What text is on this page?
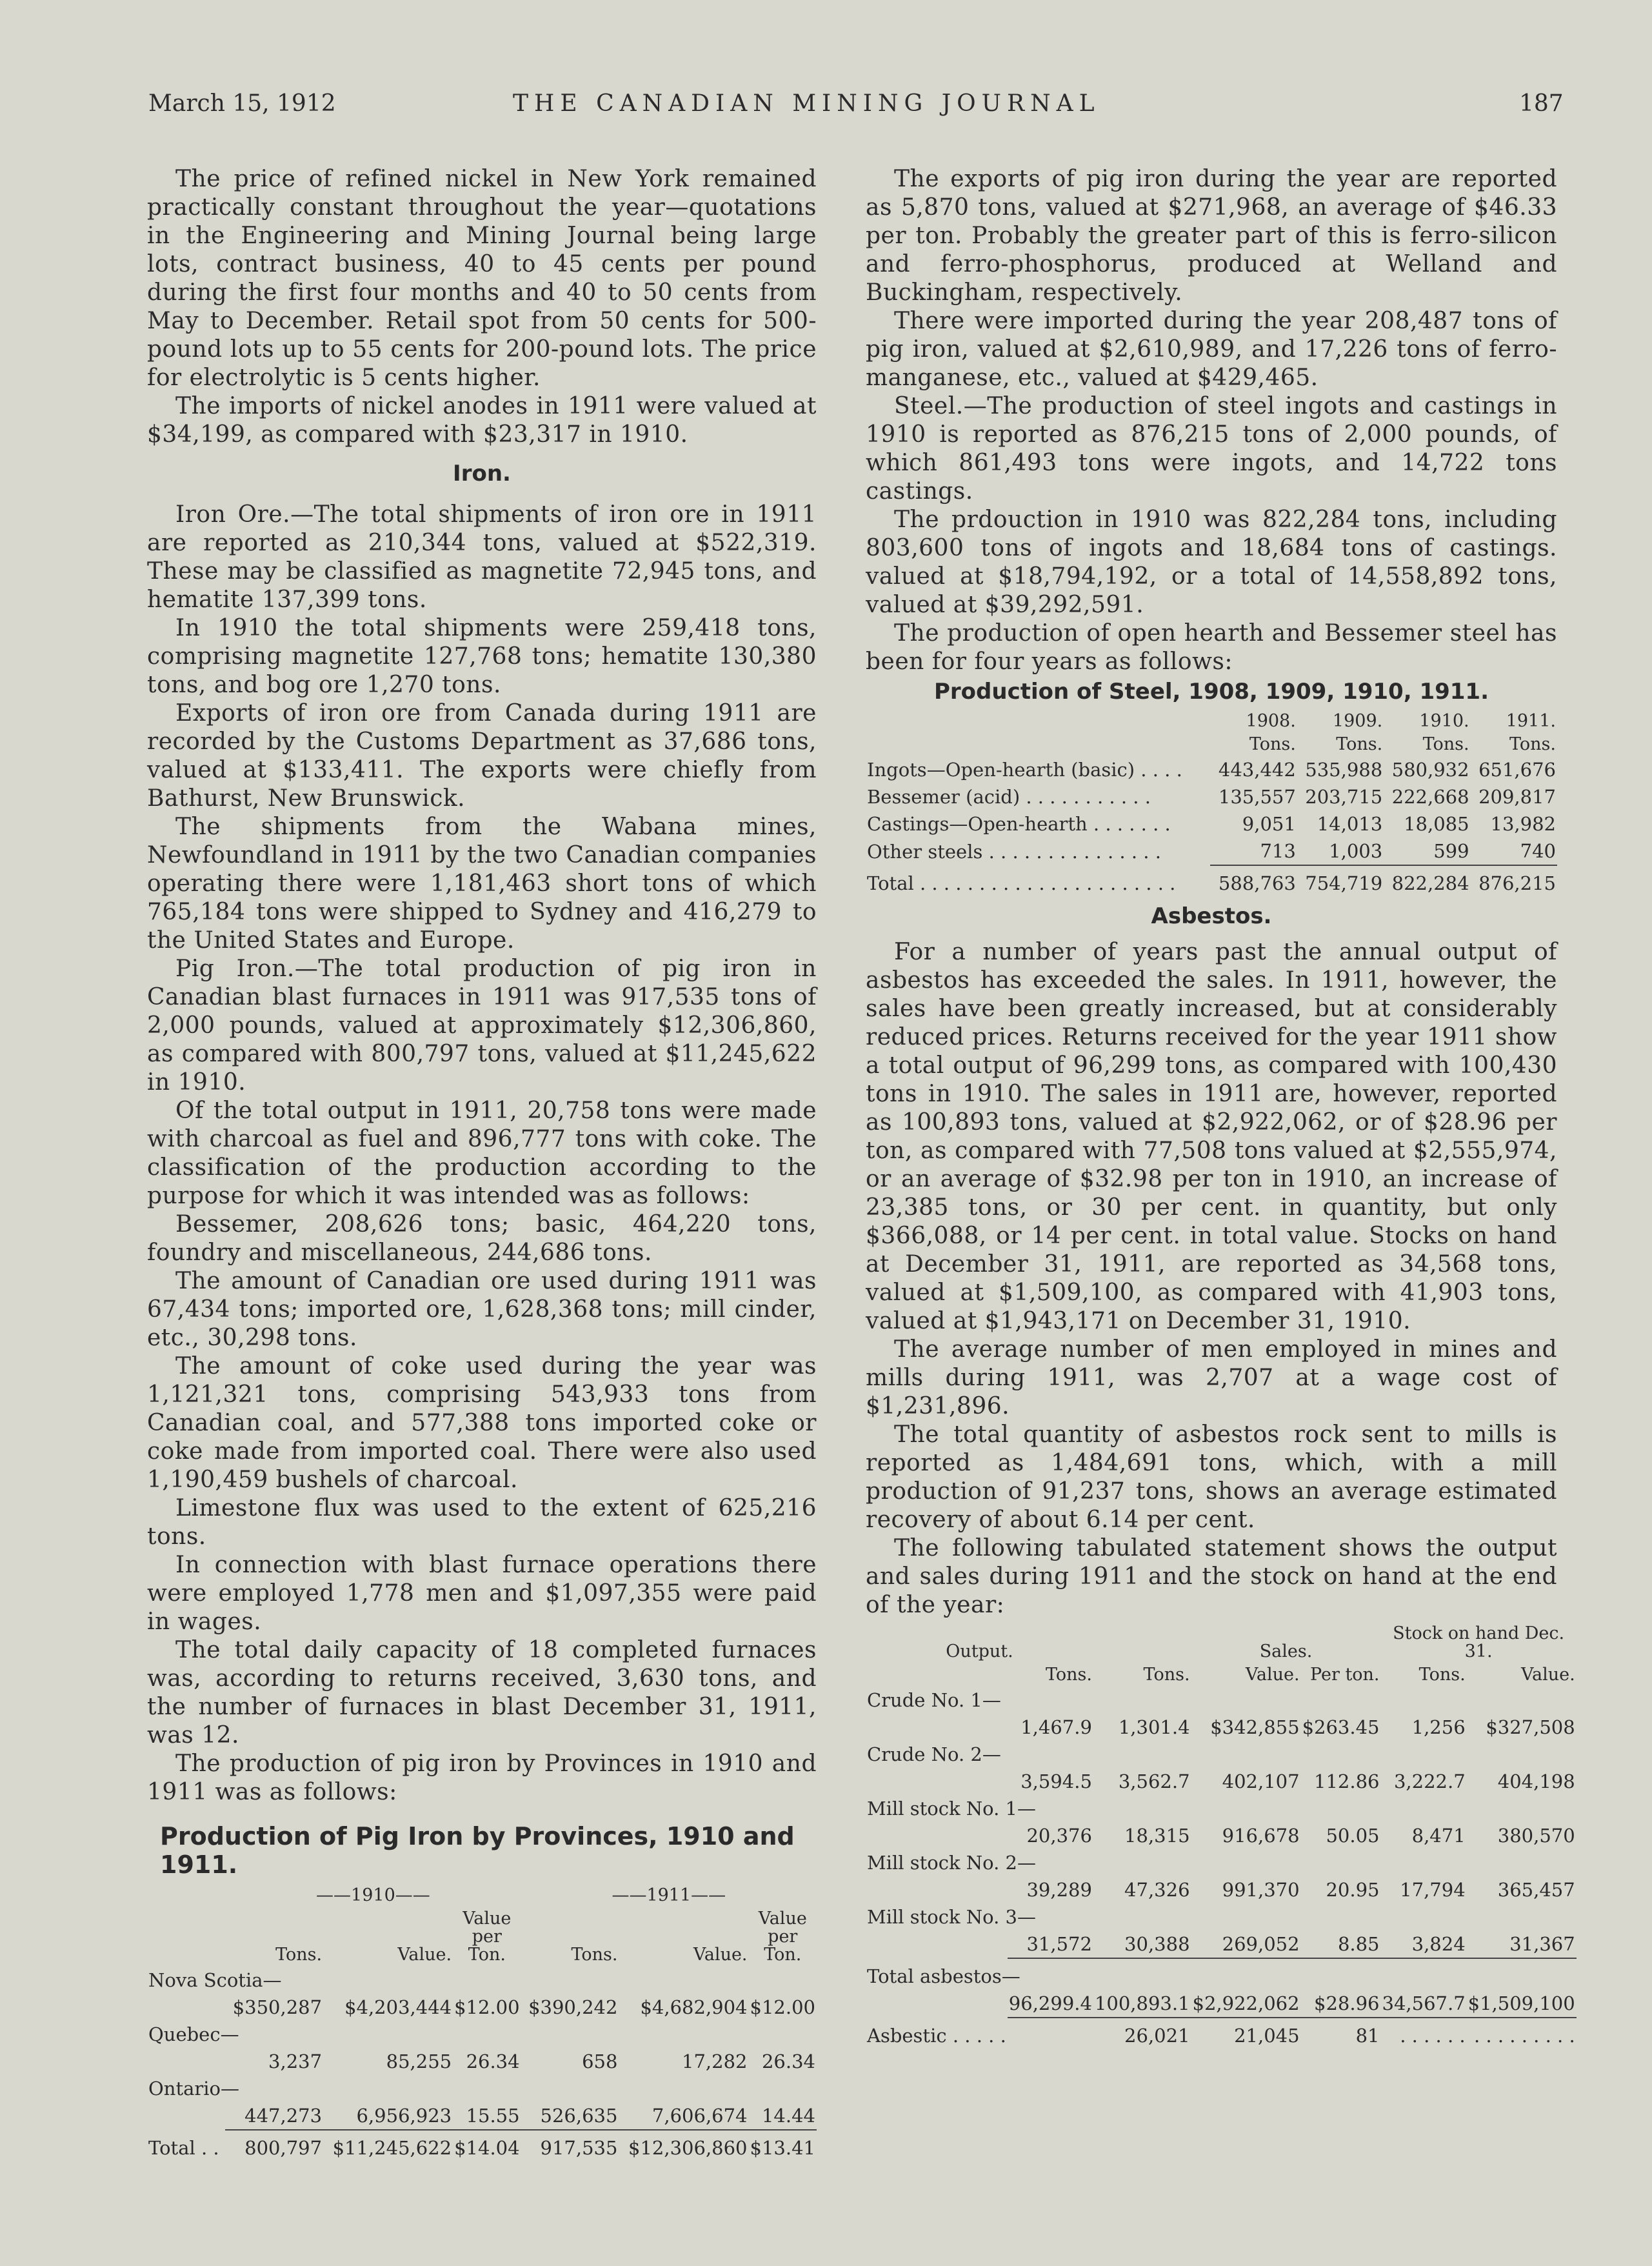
March 15, 1912	THE CANADIAN MINING JOURNAL	187

The price of refined nickel in New York remained practically constant throughout the year—quotations in the Engineering and Mining Journal being large lots, contract business, 40 to 45 cents per pound during the first four months and 40 to 50 cents from May to December. Retail spot from 50 cents for 500-pound lots up to 55 cents for 200-pound lots. The price for electrolytic is 5 cents higher.

The imports of nickel anodes in 1911 were valued at $34,199, as compared with $23,317 in 1910.

Iron.

Iron Ore.—The total shipments of iron ore in 1911 are reported as 210,344 tons, valued at $522,319. These may be classified as magnetite 72,945 tons, and hematite 137,399 tons.

In 1910 the total shipments were 259,418 tons, comprising magnetite 127,768 tons; hematite 130,380 tons, and bog ore 1,270 tons.

Exports of iron ore from Canada during 1911 are recorded by the Customs Department as 37,686 tons, valued at $133,411. The exports were chiefly from Bathurst, New Brunswick.

The shipments from the Wabana mines, Newfoundland in 1911 by the two Canadian companies operating there were 1,181,463 short tons of which 765,184 tons were shipped to Sydney and 416,279 to the United States and Europe.

Pig Iron.—The total production of pig iron in Canadian blast furnaces in 1911 was 917,535 tons of 2,000 pounds, valued at approximately $12,306,860, as compared with 800,797 tons, valued at $11,245,622 in 1910.

Of the total output in 1911, 20,758 tons were made with charcoal as fuel and 896,777 tons with coke. The classification of the production according to the purpose for which it was intended was as follows:

Bessemer, 208,626 tons; basic, 464,220 tons, foundry and miscellaneous, 244,686 tons.

The amount of Canadian ore used during 1911 was 67,434 tons; imported ore, 1,628,368 tons; mill cinder, etc., 30,298 tons.

The amount of coke used during the year was 1,121,321 tons, comprising 543,933 tons from Canadian coal, and 577,388 tons imported coke or coke made from imported coal. There were also used 1,190,459 bushels of charcoal.

Limestone flux was used to the extent of 625,216 tons.

In connection with blast furnace operations there were employed 1,778 men and $1,097,355 were paid in wages.

The total daily capacity of 18 completed furnaces was, according to returns received, 3,630 tons, and the number of furnaces in blast December 31, 1911, was 12.

The production of pig iron by Provinces in 1910 and 1911 was as follows:

Production of Pig Iron by Provinces, 1910 and 1911.
	——1910——			——1911——		
	Tons.	Value.	Value per Ton.	Tons.	Value.	Value per Ton.
Nova Scotia—						
	$350,287	$4,203,444	$12.00	$390,242	$4,682,904	$12.00
Quebec—						
	3,237	85,255	26.34	658	17,282	26.34
Ontario—						
	447,273	6,956,923	15.55	526,635	7,606,674	14.44

Total . .	800,797	$11,245,622	$14.04	917,535	$12,306,860	$13.41

The exports of pig iron during the year are reported as 5,870 tons, valued at $271,968, an average of $46.33 per ton. Probably the greater part of this is ferro-silicon and ferro-phosphorus, produced at Welland and Buckingham, respectively.

There were imported during the year 208,487 tons of pig iron, valued at $2,610,989, and 17,226 tons of ferro-manganese, etc., valued at $429,465.

Steel.—The production of steel ingots and castings in 1910 is reported as 876,215 tons of 2,000 pounds, of which 861,493 tons were ingots, and 14,722 tons castings.

The prdouction in 1910 was 822,284 tons, including 803,600 tons of ingots and 18,684 tons of castings. valued at $18,794,192, or a total of 14,558,892 tons, valued at $39,292,591.

The production of open hearth and Bessemer steel has been for four years as follows:

Production of Steel, 1908, 1909, 1910, 1911.
	1908.	1909.	1910.	1911.
	Tons.	Tons.	Tons.	Tons.
Ingots—Open-hearth (basic) . . . .	443,442	535,988	580,932	651,676
Bessemer (acid) . . . . . . . . . . .	135,557	203,715	222,668	209,817
Castings—Open-hearth . . . . . . .	9,051	14,013	18,085	13,982
Other steels . . . . . . . . . . . . . . .	713	1,003	599	740

Total . . . . . . . . . . . . . . . . . . . . . .	588,763	754,719	822,284	876,215
Asbestos.

For a number of years past the annual output of asbestos has exceeded the sales. In 1911, however, the sales have been greatly increased, but at considerably reduced prices. Returns received for the year 1911 show a total output of 96,299 tons, as compared with 100,430 tons in 1910. The sales in 1911 are, however, reported as 100,893 tons, valued at $2,922,062, or of $28.96 per ton, as compared with 77,508 tons valued at $2,555,974, or an average of $32.98 per ton in 1910, an increase of 23,385 tons, or 30 per cent. in quantity, but only $366,088, or 14 per cent. in total value. Stocks on hand at December 31, 1911, are reported as 34,568 tons, valued at $1,509,100, as compared with 41,903 tons, valued at $1,943,171 on December 31, 1910.

The average number of men employed in mines and mills during 1911, was 2,707 at a wage cost of $1,231,896.

The total quantity of asbestos rock sent to mills is reported as 1,484,691 tons, which, with a mill production of 91,237 tons, shows an average estimated recovery of about 6.14 per cent.

The following tabulated statement shows the output and sales during 1911 and the stock on hand at the end of the year:

Output.			Sales.		Stock on hand Dec. 31.	
	Tons.	Tons.	Value.	Per ton.	Tons.	Value.
Crude No. 1—						
	1,467.9	1,301.4	$342,855	$263.45	1,256	$327,508
Crude No. 2—						
	3,594.5	3,562.7	402,107	112.86	3,222.7	404,198
Mill stock No. 1—						
	20,376	18,315	916,678	50.05	8,471	380,570
Mill stock No. 2—						
	39,289	47,326	991,370	20.95	17,794	365,457
Mill stock No. 3—						
	31,572	30,388	269,052	8.85	3,824	31,367

Total asbestos—						
	96,299.4	100,893.1	$2,922,062	$28.96	34,567.7	$1,509,100

Asbestic . . . . .		26,021	21,045	81	. . . . . .	. . . . . . . . .
